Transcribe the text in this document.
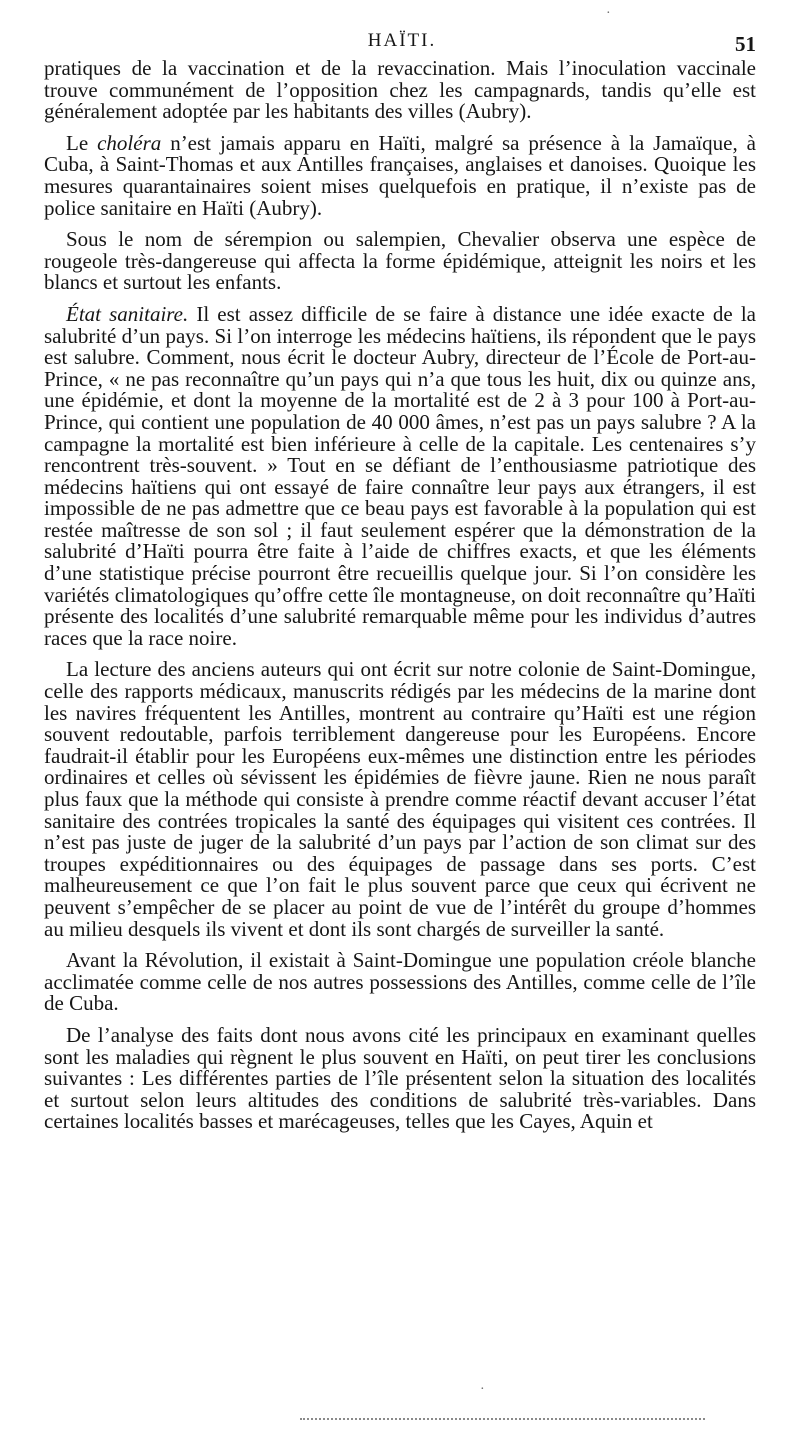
HAÏTI.	51

pratiques de la vaccination et de la revaccination. Mais l’inoculation vaccinale trouve communément de l’opposition chez les campagnards, tandis qu’elle est généralement adoptée par les habitants des villes (Aubry).

Le choléra n’est jamais apparu en Haïti, malgré sa présence à la Jamaïque, à Cuba, à Saint-Thomas et aux Antilles françaises, anglaises et danoises. Quoique les mesures quarantainaires soient mises quelquefois en pratique, il n’existe pas de police sanitaire en Haïti (Aubry).

Sous le nom de sérempion ou salempien, Chevalier observa une espèce de rougeole très-dangereuse qui affecta la forme épidémique, atteignit les noirs et les blancs et surtout les enfants.

État sanitaire. Il est assez difficile de se faire à distance une idée exacte de la salubrité d’un pays. Si l’on interroge les médecins haïtiens, ils répondent que le pays est salubre. Comment, nous écrit le docteur Aubry, directeur de l’École de Port-au-Prince, « ne pas reconnaître qu’un pays qui n’a que tous les huit, dix ou quinze ans, une épidémie, et dont la moyenne de la mortalité est de 2 à 3 pour 100 à Port-au-Prince, qui contient une population de 40 000 âmes, n’est pas un pays salubre ? A la campagne la mortalité est bien inférieure à celle de la capitale. Les centenaires s’y rencontrent très-souvent. » Tout en se défiant de l’enthousiasme patriotique des médecins haïtiens qui ont essayé de faire connaître leur pays aux étrangers, il est impossible de ne pas admettre que ce beau pays est favorable à la population qui est restée maîtresse de son sol ; il faut seulement espérer que la démonstration de la salubrité d’Haïti pourra être faite à l’aide de chiffres exacts, et que les éléments d’une statistique précise pourront être recueillis quelque jour. Si l’on considère les variétés climatologiques qu’offre cette île montagneuse, on doit reconnaître qu’Haïti présente des localités d’une salubrité remarquable même pour les individus d’autres races que la race noire.

La lecture des anciens auteurs qui ont écrit sur notre colonie de Saint-Domingue, celle des rapports médicaux, manuscrits rédigés par les médecins de la marine dont les navires fréquentent les Antilles, montrent au contraire qu’Haïti est une région souvent redoutable, parfois terriblement dangereuse pour les Européens. Encore faudrait-il établir pour les Européens eux-mêmes une distinction entre les périodes ordinaires et celles où sévissent les épidémies de fièvre jaune. Rien ne nous paraît plus faux que la méthode qui consiste à prendre comme réactif devant accuser l’état sanitaire des contrées tropicales la santé des équipages qui visitent ces contrées. Il n’est pas juste de juger de la salubrité d’un pays par l’action de son climat sur des troupes expéditionnaires ou des équipages de passage dans ses ports. C’est malheureusement ce que l’on fait le plus souvent parce que ceux qui écrivent ne peuvent s’empêcher de se placer au point de vue de l’intérêt du groupe d’hommes au milieu desquels ils vivent et dont ils sont chargés de surveiller la santé.

Avant la Révolution, il existait à Saint-Domingue une population créole blanche acclimatée comme celle de nos autres possessions des Antilles, comme celle de l’île de Cuba.

De l’analyse des faits dont nous avons cité les principaux en examinant quelles sont les maladies qui règnent le plus souvent en Haïti, on peut tirer les conclusions suivantes : Les différentes parties de l’île présentent selon la situation des localités et surtout selon leurs altitudes des conditions de salubrité très-variables. Dans certaines localités basses et marécageuses, telles que les Cayes, Aquin et

·
·
